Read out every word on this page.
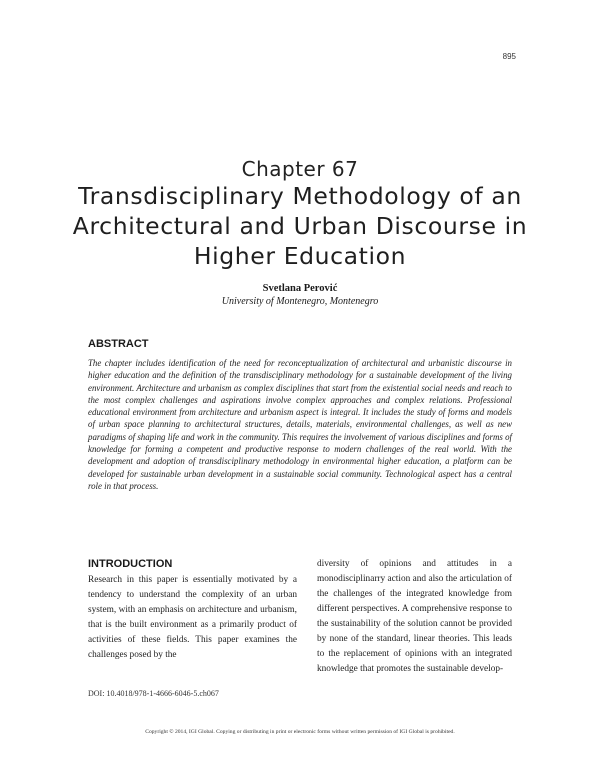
895
Chapter 67
Transdisciplinary Methodology of an Architectural and Urban Discourse in Higher Education
Svetlana Perović
University of Montenegro, Montenegro
ABSTRACT
The chapter includes identification of the need for reconceptualization of architectural and urbanistic discourse in higher education and the definition of the transdisciplinary methodology for a sustainable development of the living environment. Architecture and urbanism as complex disciplines that start from the existential social needs and reach to the most complex challenges and aspirations involve complex approaches and complex relations. Professional educational environment from architecture and urbanism aspect is integral. It includes the study of forms and models of urban space planning to architectural structures, details, materials, environmental challenges, as well as new paradigms of shaping life and work in the community. This requires the involvement of various disciplines and forms of knowledge for forming a competent and productive response to modern challenges of the real world. With the development and adoption of transdisciplinary methodology in environmental higher education, a platform can be developed for sustainable urban development in a sustainable social community. Technological aspect has a central role in that process.
INTRODUCTION
Research in this paper is essentially motivated by a tendency to understand the complexity of an urban system, with an emphasis on architecture and urbanism, that is the built environment as a primarily product of activities of these fields. This paper examines the challenges posed by the
diversity of opinions and attitudes in a monodisciplinarry action and also the articulation of the challenges of the integrated knowledge from different perspectives. A comprehensive response to the sustainability of the solution cannot be provided by none of the standard, linear theories. This leads to the replacement of opinions with an integrated knowledge that promotes the sustainable develop-
DOI: 10.4018/978-1-4666-6046-5.ch067
Copyright © 2014, IGI Global. Copying or distributing in print or electronic forms without written permission of IGI Global is prohibited.
